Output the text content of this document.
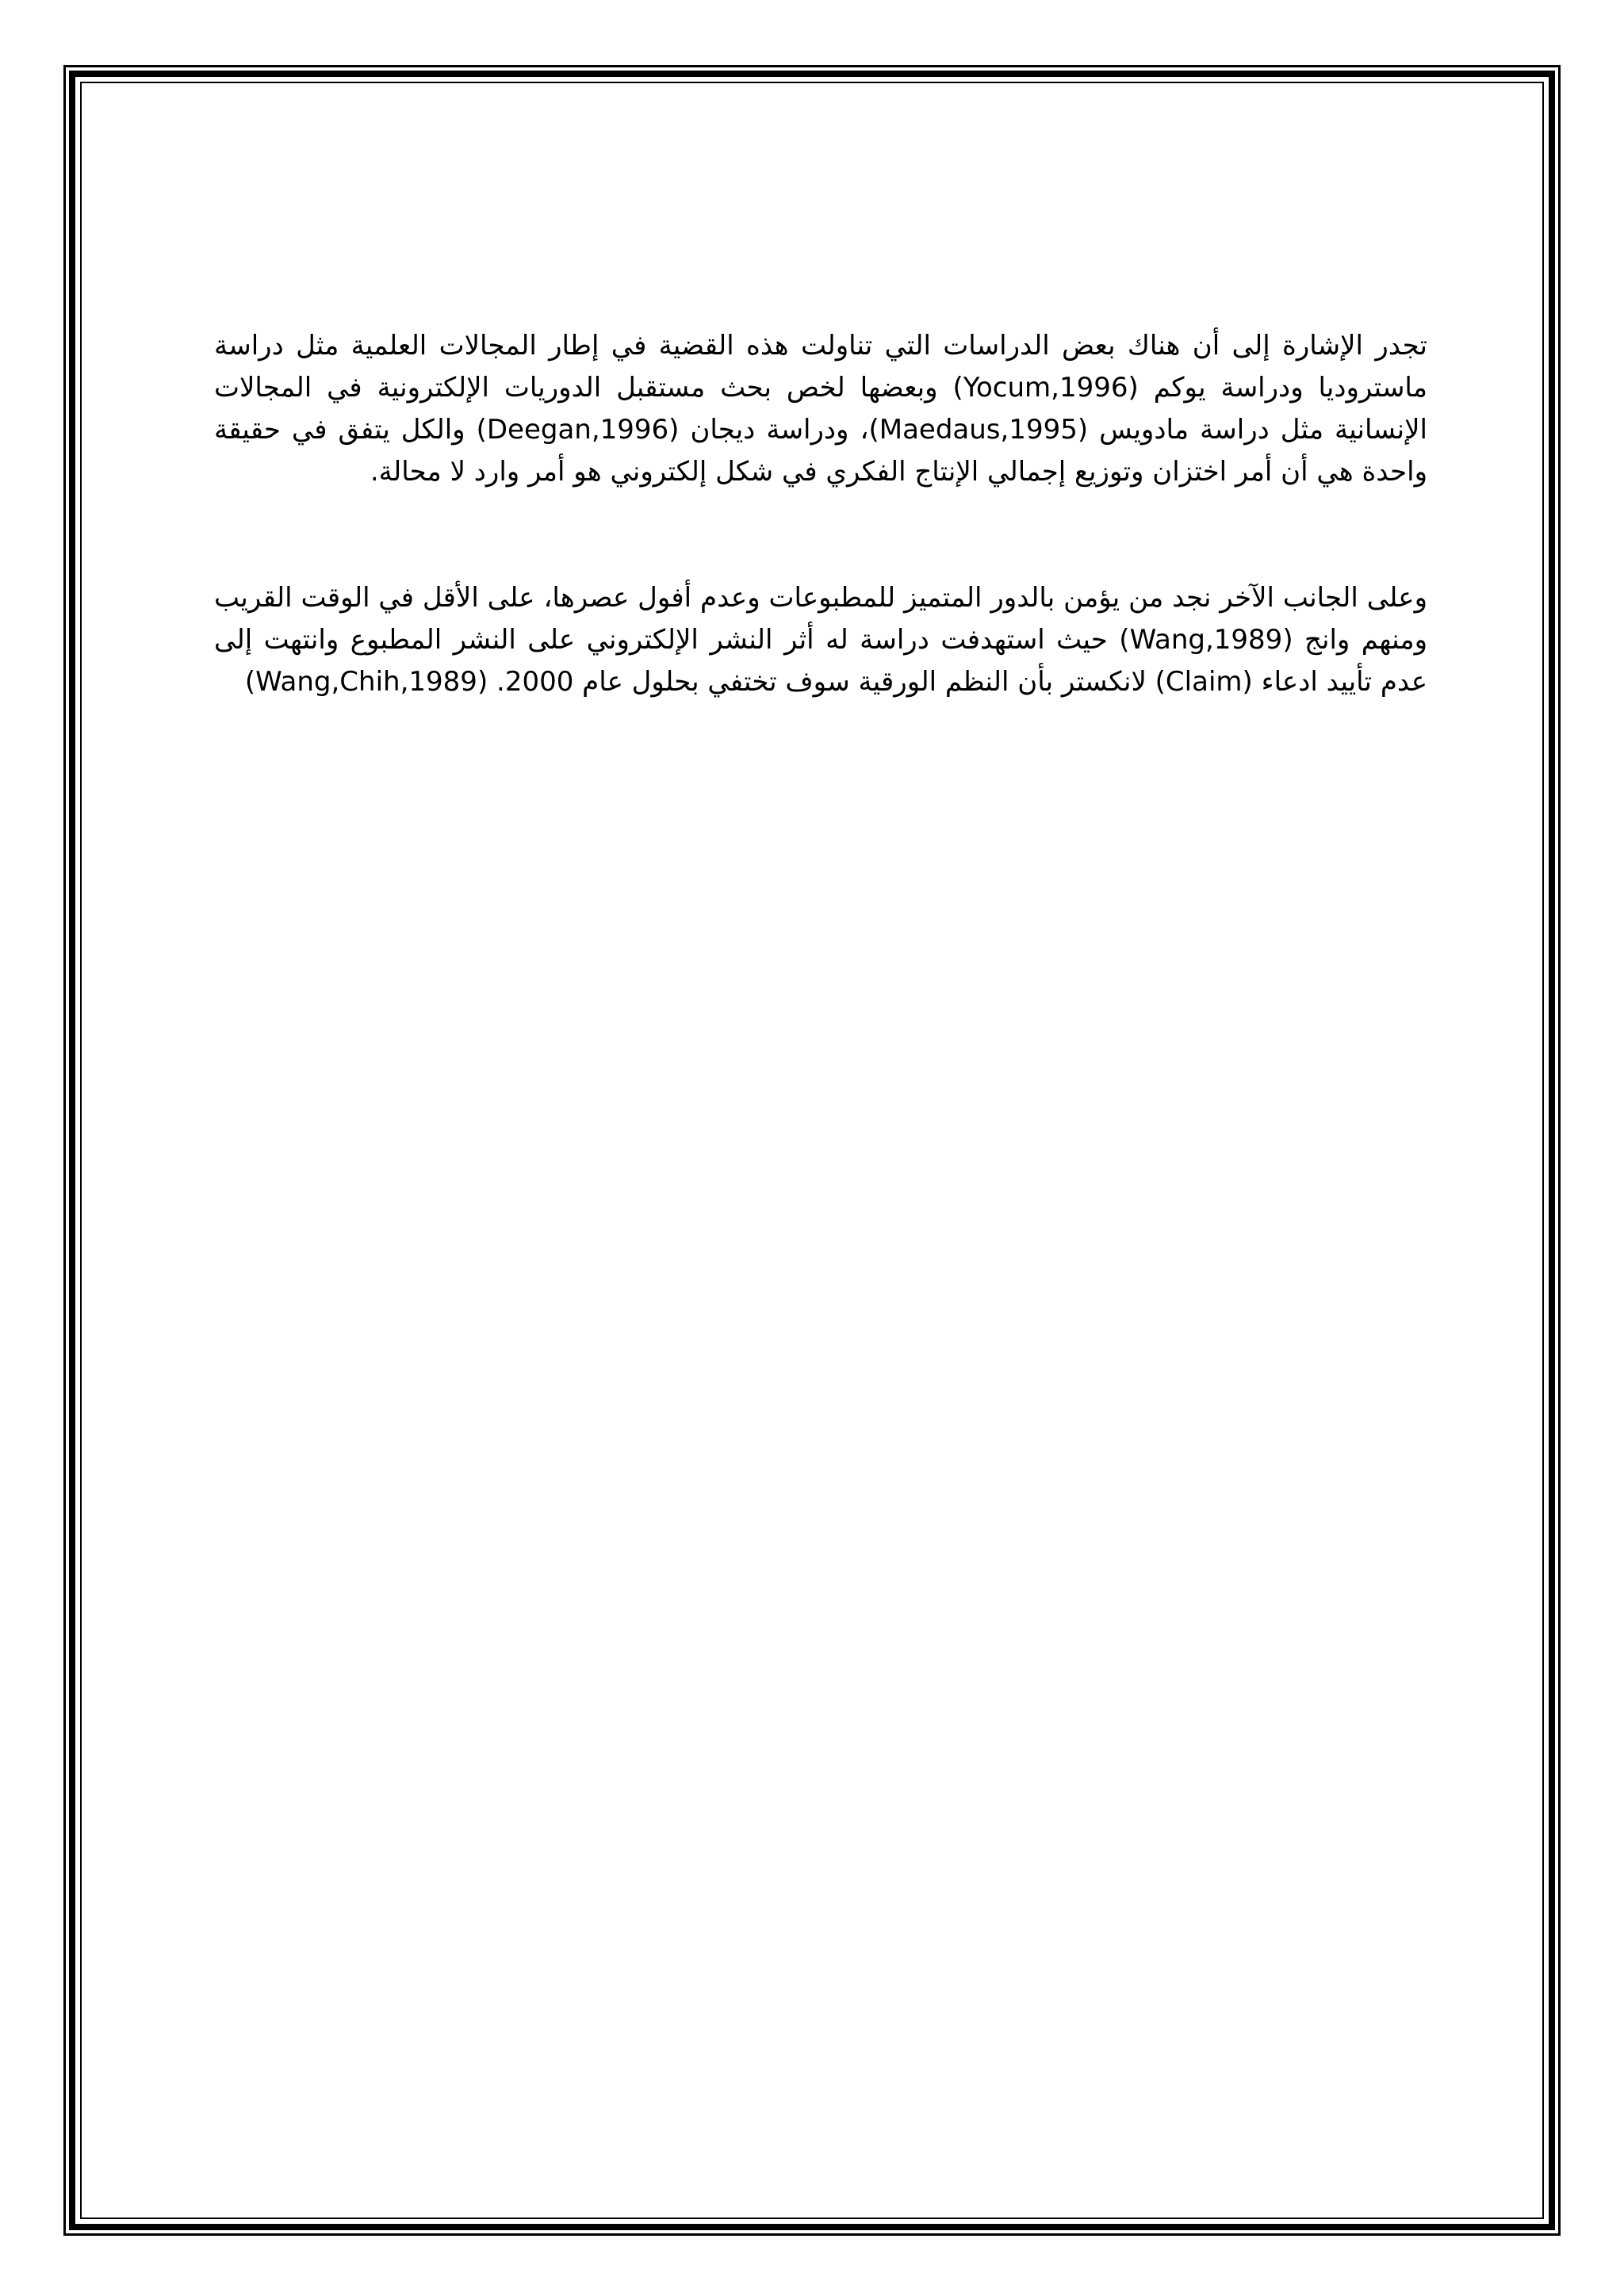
تجدر الإشارة إلى أن هناك بعض الدراسات التي تناولت هذه القضية في إطار المجالات العلمية مثل دراسة ماستروديا ودراسة يوكم (Yocum,1996) وبعضها لخص بحث مستقبل الدوريات الإلكترونية في المجالات الإنسانية مثل دراسة مادويس (Maedaus,1995)، ودراسة ديجان (Deegan,1996) والكل يتفق في حقيقة واحدة هي أن أمر اختزان وتوزيع إجمالي الإنتاج الفكري في شكل إلكتروني هو أمر وارد لا محالة.

وعلى الجانب الآخر نجد من يؤمن بالدور المتميز للمطبوعات وعدم أفول عصرها، على الأقل في الوقت القريب ومنهم وانج (Wang,1989) حيث استهدفت دراسة له أثر النشر الإلكتروني على النشر المطبوع وانتهت إلى عدم تأييد ادعاء (Claim) لانكستر بأن النظم الورقية سوف تختفي بحلول عام 2000. (Wang,Chih,1989)
